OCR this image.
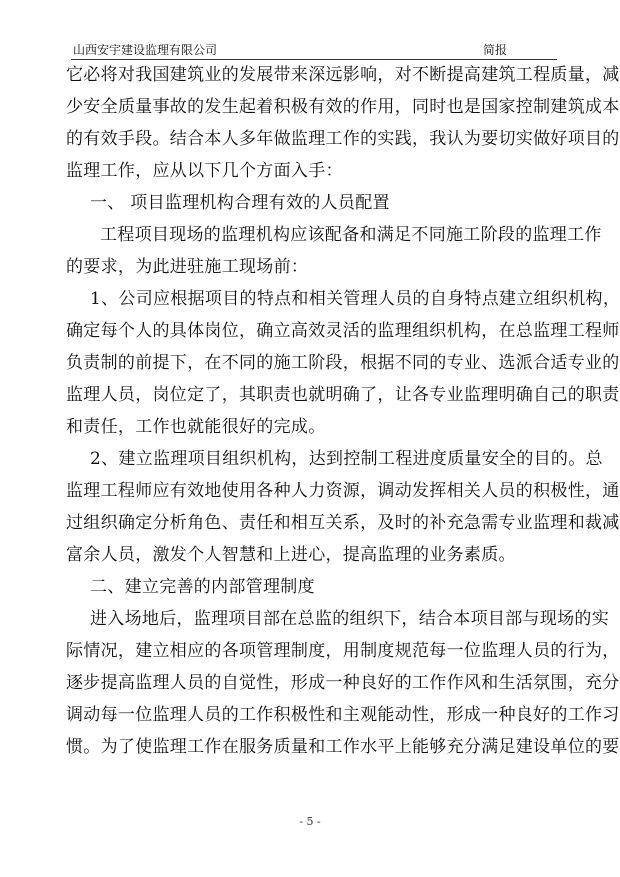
山西安宇建设监理有限公司	简报

它必将对我国建筑业的发展带来深远影响，对不断提高建筑工程质量，减

少安全质量事故的发生起着积极有效的作用，同时也是国家控制建筑成本

的有效手段。结合本人多年做监理工作的实践，我认为要切实做好项目的

监理工作，应从以下几个方面入手：

一、 项目监理机构合理有效的人员配置

工程项目现场的监理机构应该配备和满足不同施工阶段的监理工作

的要求，为此进驻施工现场前：

1、公司应根据项目的特点和相关管理人员的自身特点建立组织机构，

确定每个人的具体岗位，确立高效灵活的监理组织机构，在总监理工程师

负责制的前提下，在不同的施工阶段，根据不同的专业、选派合适专业的

监理人员，岗位定了，其职责也就明确了，让各专业监理明确自己的职责

和责任，工作也就能很好的完成。

2、建立监理项目组织机构，达到控制工程进度质量安全的目的。总

监理工程师应有效地使用各种人力资源，调动发挥相关人员的积极性，通

过组织确定分析角色、责任和相互关系，及时的补充急需专业监理和裁减

富余人员，激发个人智慧和上进心，提高监理的业务素质。

二、建立完善的内部管理制度

进入场地后，监理项目部在总监的组织下，结合本项目部与现场的实

际情况，建立相应的各项管理制度，用制度规范每一位监理人员的行为，

逐步提高监理人员的自觉性，形成一种良好的工作作风和生活氛围，充分

调动每一位监理人员的工作积极性和主观能动性，形成一种良好的工作习

惯。为了使监理工作在服务质量和工作水平上能够充分满足建设单位的要

- 5 -
